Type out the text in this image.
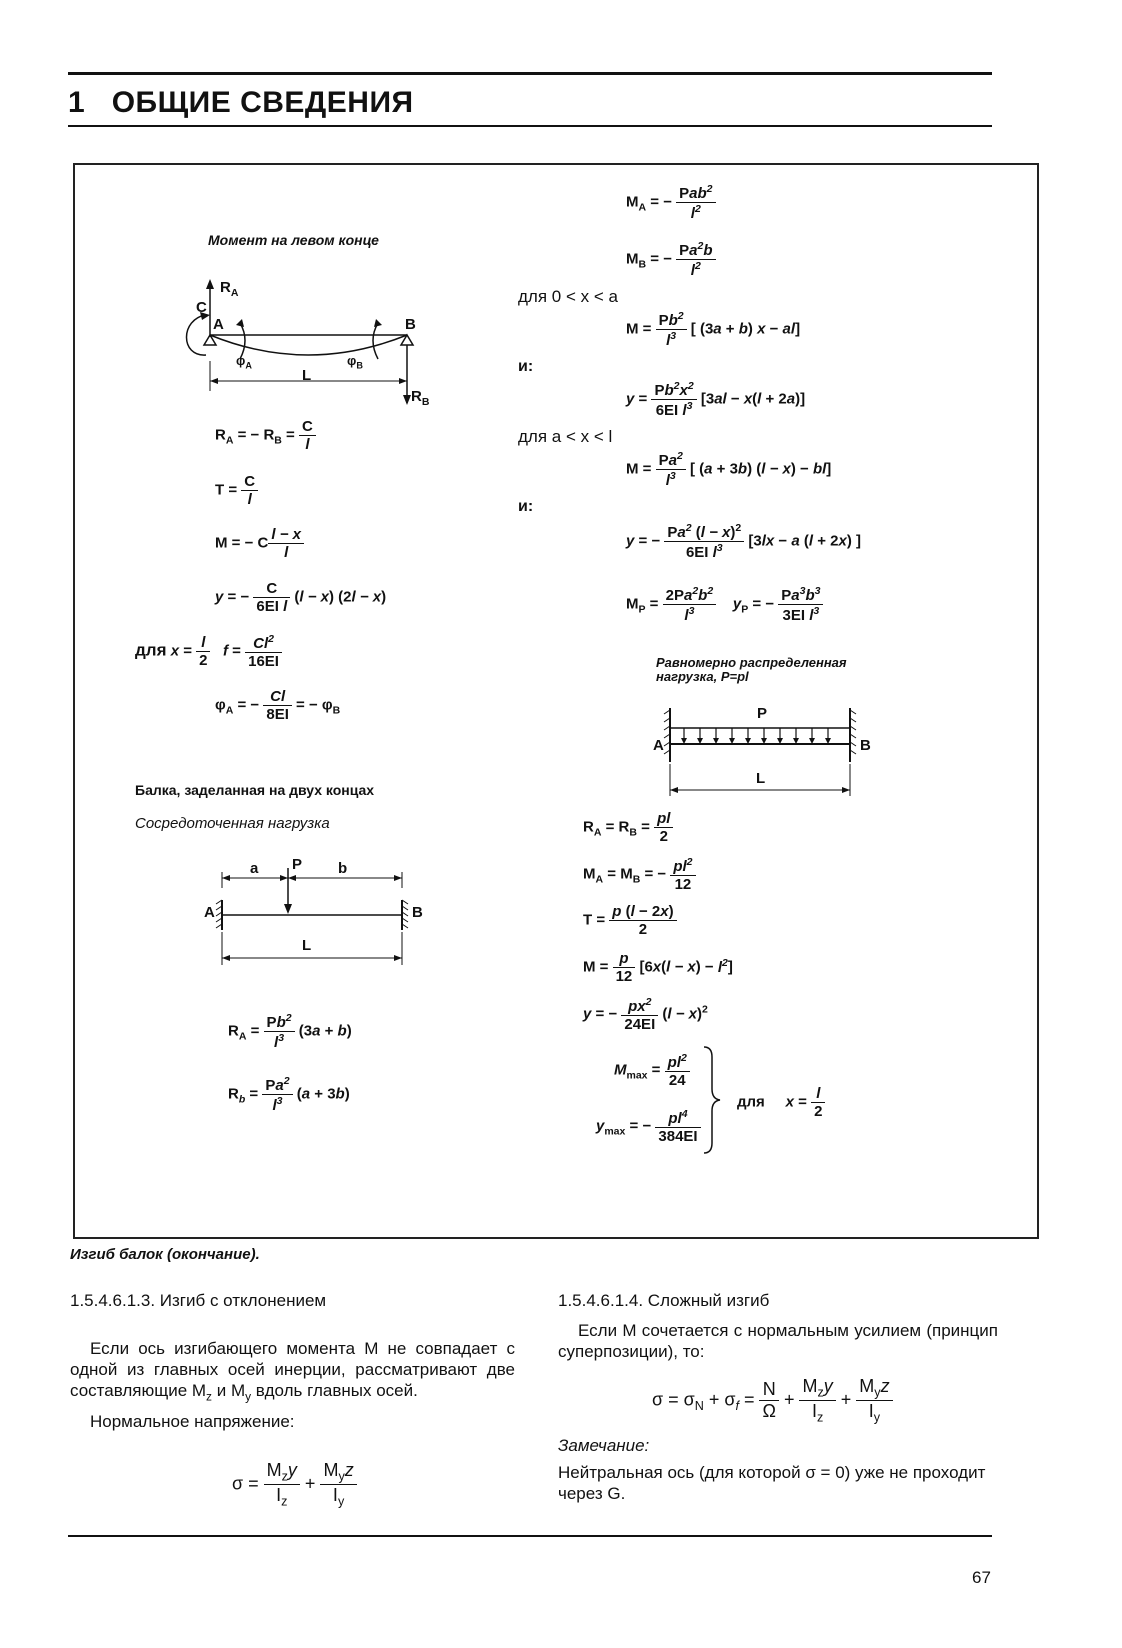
1 ОБЩИЕ СВЕДЕНИЯ
Момент на левом конце
$R_A$
C
A	B
$\varphi_A$	$\varphi_B$
L
$R_B$
$R_A$ = − $R_B = \frac{C}{l}$
$T = \frac{C}{l}$
M = − C $\frac{l - x}{l}$
y = − $\frac{C}{\text{6EI l}} (l - x) (2l - x)$
для $x = \frac{l}{2}$ $f = \frac{Cl^2}{16EI}$
$\varphi_A$ = − $\frac{Cl}{8EI}$ = − $\varphi_B$
Балка, заделанная на двух концах
Сосредоточенная нагрузка
a P b
A	B
L
$R_A = \frac{Pb^2}{l^3} (3a + b)$
$R_b = \frac{Pa^2}{l^3} (a + 3b)$
$M_A$ = − $\frac{Pab^2}{l^2}$
$M_B$ = − $\frac{Pa^2b}{l^2}$
для 0 < x < a
$M = \frac{Pb^2}{l^3}$ [ (3a + b) x − al]
и:
$y = \frac{Pb^2x^2}{6EI l^3} [3al - x(l + 2a)]$
для a < x < l
$M = \frac{Pa^2}{l^3}$ [ (a + 3b) (l − x) − bl]
и:
y = − $\frac{Pa^2 (l - x)^2}{6EI l^3} [3lx - a$ (l + 2x) ]
$M_P = \frac{2Pa^2b^2}{l^3} y_P$ = − $\frac{Pa^3b^3}{3EI l^3}$
Равномерно распределенная нагрузка, P=pl
P
A	B
L
$R_A = R_B = \frac{pl}{2}$
$M_A = M_B$ = − $\frac{pl^2}{12}$
$T = \frac{p (l - 2x)}{2}$
$M = \frac{p}{12} [6x(l - x) - l^2]$
y = − $\frac{px^2}{24EI} (l - x)^2$
$M_{max} = \frac{pl^2}{24}$
$y_{max}$ = − $\frac{pl^4}{384EI}$
для $x = \frac{l}{2}$
Изгиб балок (окончание).
1.5.4.6.1.3. Изгиб с отклонением
Если ось изгибающего момента M не совпадает с одной из главных осей инерции, рассматривают две составляющие $M_z$ и $M_y$ вдоль главных осей.
Нормальное напряжение:
$\sigma = \frac{M_zy}{I_z} + \frac{M_yz}{I_y}$
1.5.4.6.1.4. Сложный изгиб
Если M сочетается с нормальным усилием (принцип суперпозиции), то:
$\sigma = \sigma_N + \sigma_f = \frac{N}{\Omega} + \frac{M_zy}{I_z} + \frac{M_yz}{I_y}$
Замечание:
Нейтральная ось (для которой σ = 0) уже не проходит через G.
67
